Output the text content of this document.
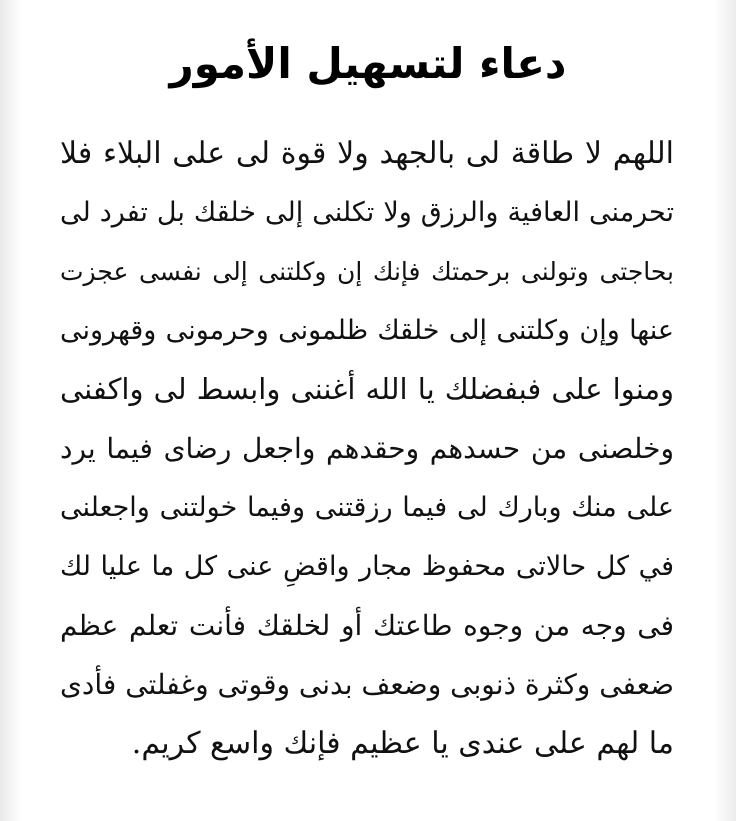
دعاء لتسهيل الأمور
اللهم لا طاقة لى بالجهد ولا قوة لى على البلاء فلا
تحرمنى العافية والرزق ولا تكلنى إلى خلقك بل تفرد لى
بحاجتى وتولنى برحمتك فإنك إن وكلتنى إلى نفسى عجزت
عنها وإن وكلتنى إلى خلقك ظلمونى وحرمونى وقهرونى
ومنوا على فبفضلك يا الله أغننى وابسط لى واكفنى
وخلصنى من حسدهم وحقدهم واجعل رضاى فيما يرد
على منك وبارك لى فيما رزقتنى وفيما خولتنى واجعلنى
في كل حالاتى محفوظ مجار واقضِ عنى كل ما عليا لك
فى وجه من وجوه طاعتك أو لخلقك فأنت تعلم عظم
ضعفى وكثرة ذنوبى وضعف بدنى وقوتى وغفلتى فأدى
ما لهم على عندى يا عظيم فإنك واسع كريم.
